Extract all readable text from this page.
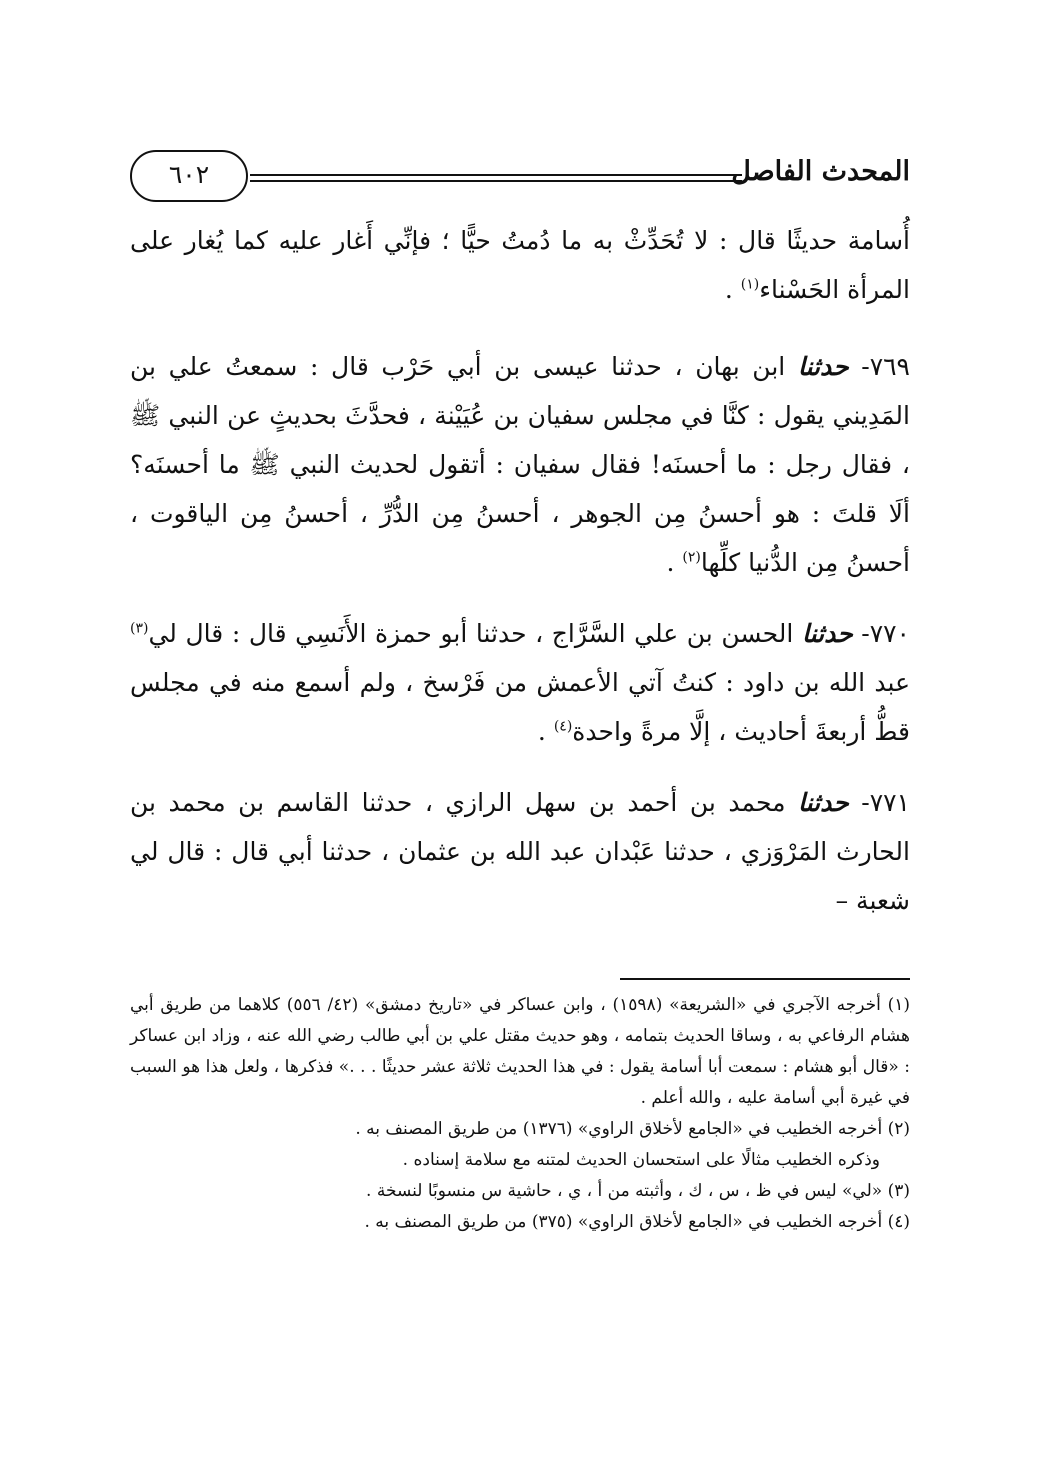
المحدث الفاصل
٦٠٢

أُسامة حديثًا قال : لا تُحَدِّثْ به ما دُمتُ حيًّا ؛ فإنِّي أَغار عليه كما يُغار على المرأة الحَسْناء$^{(١)}$ .

٧٦٩- حدثنا ابن بهان ، حدثنا عيسى بن أبي حَرْب قال : سمعتُ علي بن المَدِيني يقول : كنَّا في مجلس سفيان بن عُيَيْنة ، فحدَّثَ بحديثٍ عن النبي ﷺ ، فقال رجل : ما أحسنَه! فقال سفيان : أتقول لحديث النبي ﷺ ما أحسنَه؟ ألَا قلتَ : هو أحسنُ مِن الجوهر ، أحسنُ مِن الدُّرِّ ، أحسنُ مِن الياقوت ، أحسنُ مِن الدُّنيا كلِّها$^{(٢)}$ .

٧٧٠- حدثنا الحسن بن علي السَّرَّاج ، حدثنا أبو حمزة الأَنَسِي قال : قال لي$^{(٣)}$ عبد الله بن داود : كنتُ آتي الأعمش من فَرْسخ ، ولم أسمع منه في مجلس قطُّ أربعةَ أحاديث ، إلَّا مرةً واحدة$^{(٤)}$ .

٧٧١- حدثنا محمد بن أحمد بن سهل الرازي ، حدثنا القاسم بن محمد بن الحارث المَرْوَزي ، حدثنا عَبْدان عبد الله بن عثمان ، حدثنا أبي قال : قال لي شعبة –

(١) أخرجه الآجري في «الشريعة» (١٥٩٨) ، وابن عساكر في «تاريخ دمشق» (٤٢/ ٥٥٦) كلاهما من طريق أبي هشام الرفاعي به ، وساقا الحديث بتمامه ، وهو حديث مقتل علي بن أبي طالب رضي الله عنه ، وزاد ابن عساكر : «قال أبو هشام : سمعت أبا أسامة يقول : في هذا الحديث ثلاثة عشر حديثًا . . .» فذكرها ، ولعل هذا هو السبب في غيرة أبي أسامة عليه ، والله أعلم .

(٢) أخرجه الخطيب في «الجامع لأخلاق الراوي» (١٣٧٦) من طريق المصنف به .

وذكره الخطيب مثالًا على استحسان الحديث لمتنه مع سلامة إسناده .

(٣) «لي» ليس في ظ ، س ، ك ، وأثبته من أ ، ي ، حاشية س منسوبًا لنسخة .

(٤) أخرجه الخطيب في «الجامع لأخلاق الراوي» (٣٧٥) من طريق المصنف به .
